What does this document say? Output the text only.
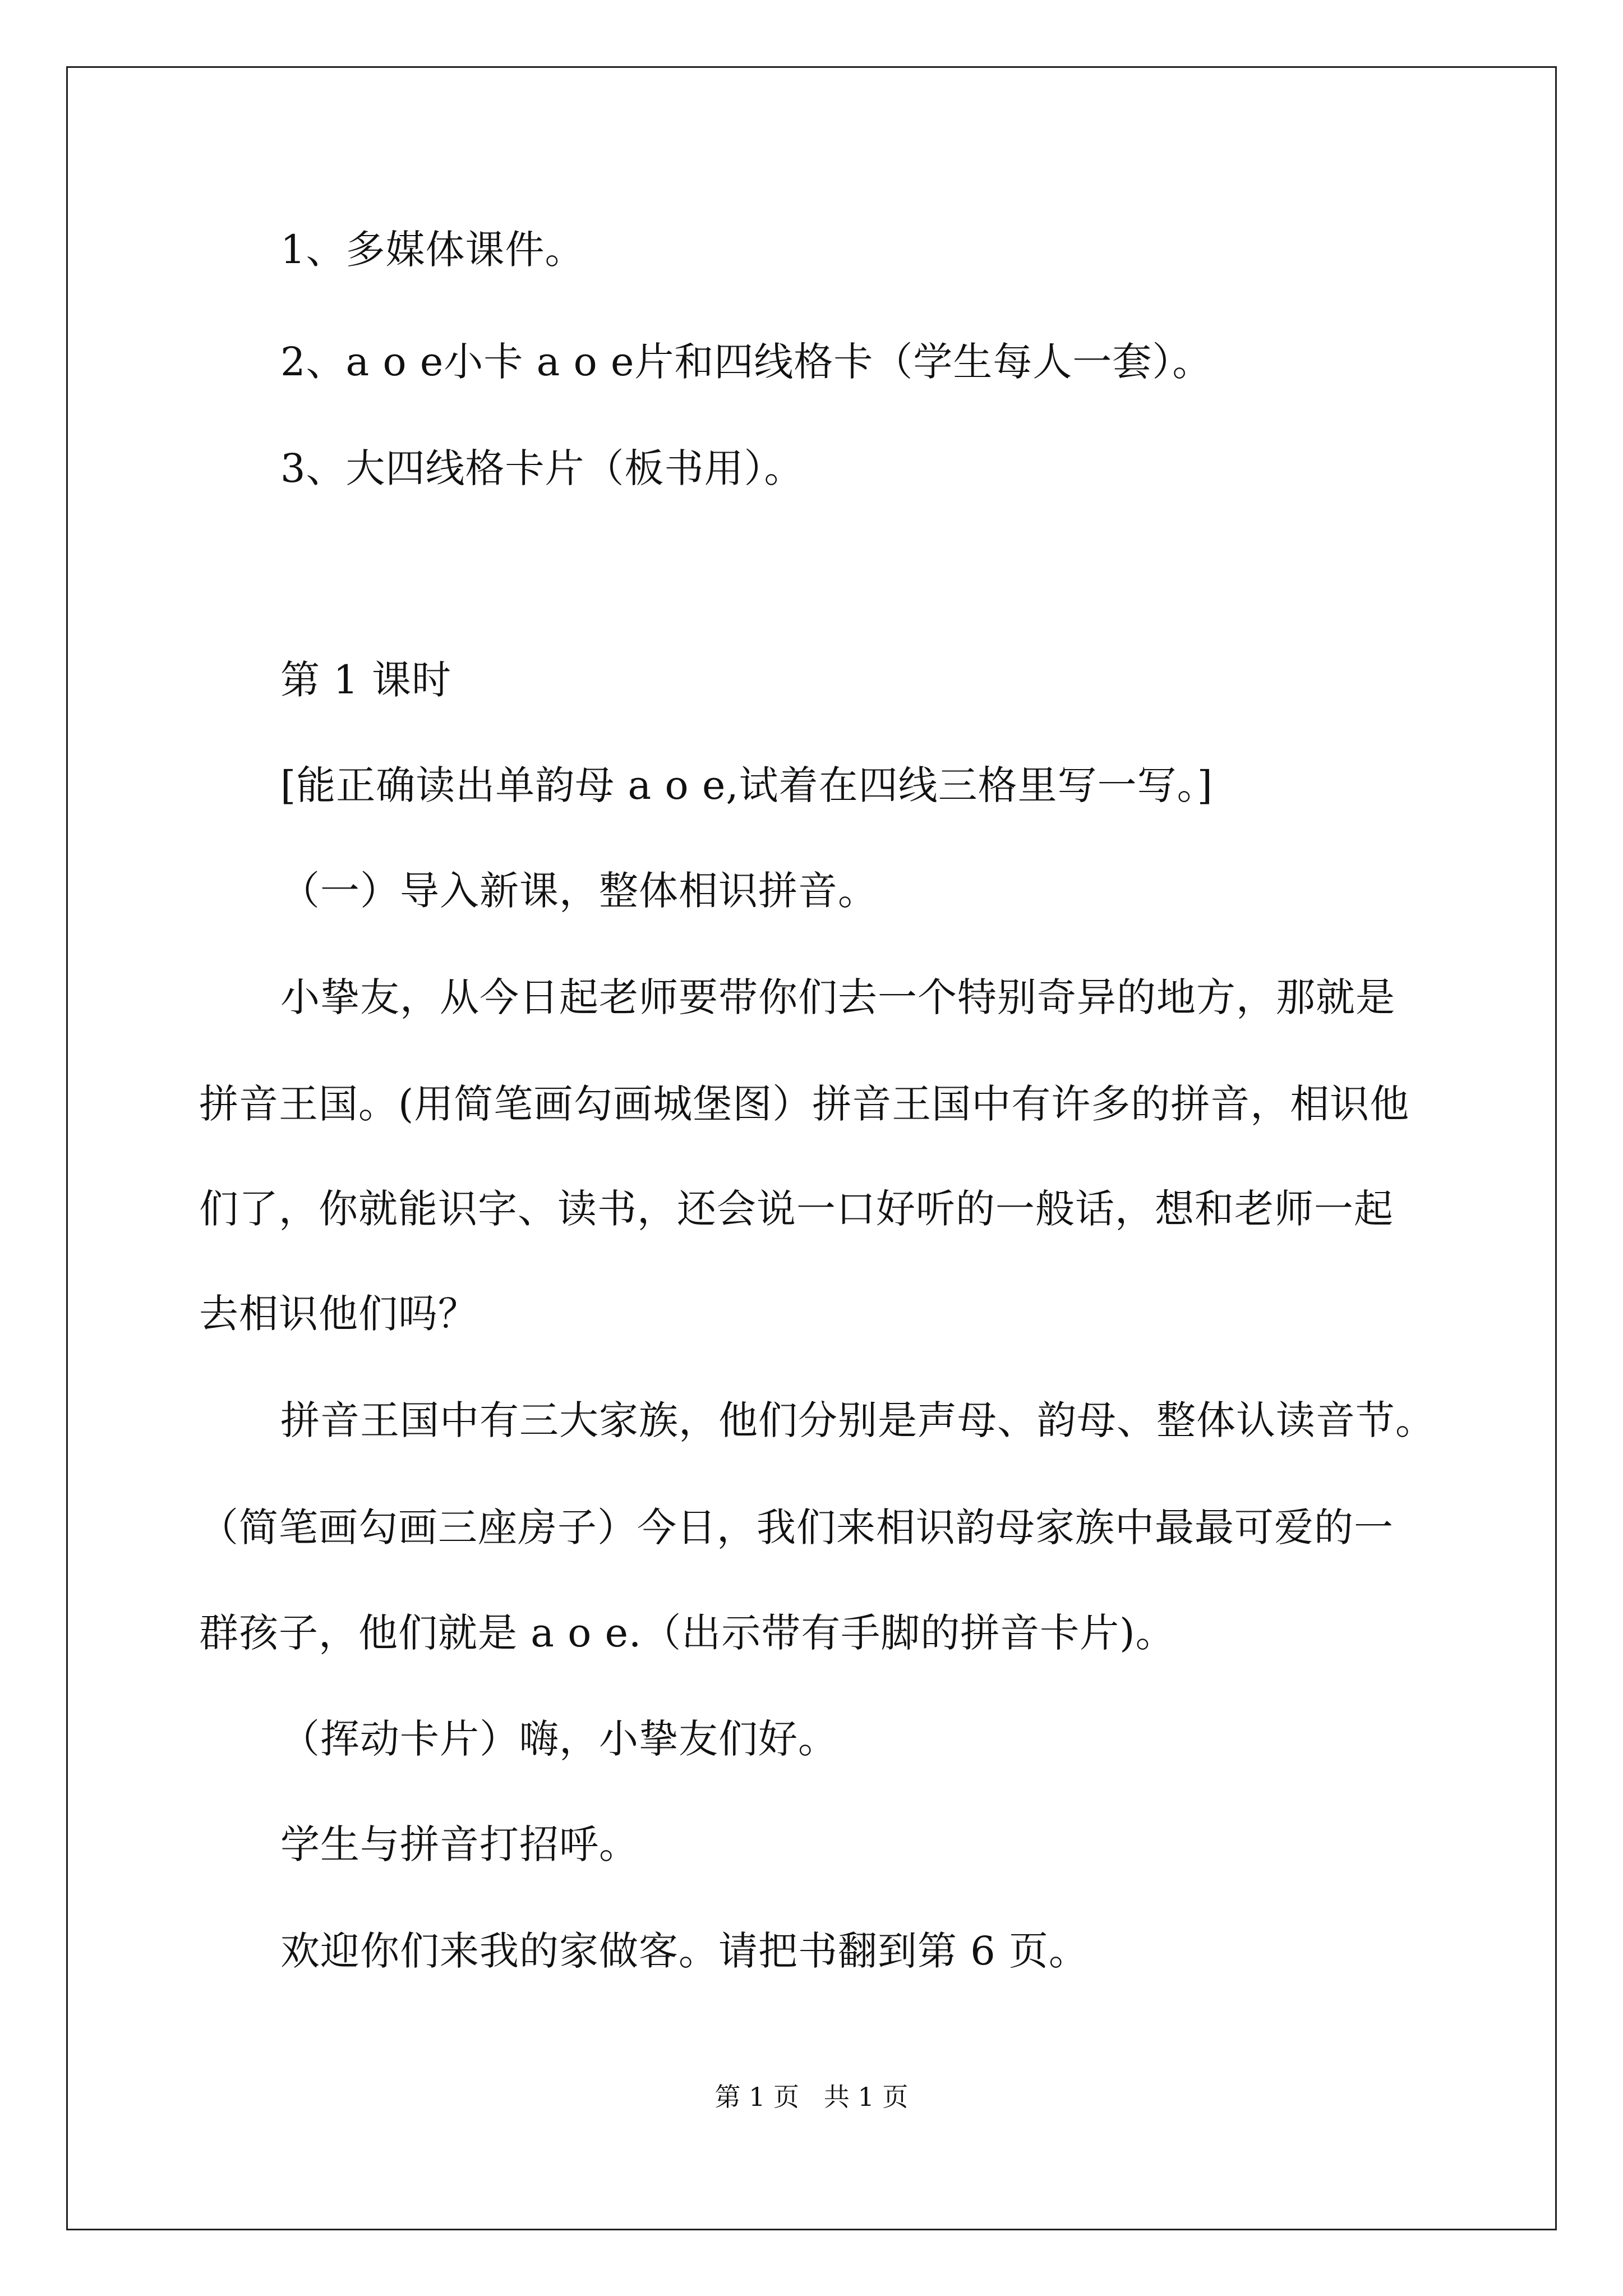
1、多媒体课件。
2、a o e小卡 a o e片和四线格卡（学生每人一套）。
3、大四线格卡片（板书用）。
第 1 课时
[能正确读出单韵母 a o e,试着在四线三格里写一写。]
（一）导入新课，整体相识拼音。
小挚友，从今日起老师要带你们去一个特别奇异的地方，那就是
拼音王国。(用简笔画勾画城堡图）拼音王国中有许多的拼音，相识他
们了，你就能识字、读书，还会说一口好听的一般话，想和老师一起
去相识他们吗？
拼音王国中有三大家族，他们分别是声母、韵母、整体认读音节。
（简笔画勾画三座房子）今日，我们来相识韵母家族中最最可爱的一
群孩子，他们就是 a o e.（出示带有手脚的拼音卡片)。
（挥动卡片）嗨，小挚友们好。
学生与拼音打招呼。
欢迎你们来我的家做客。请把书翻到第 6 页。
第 1 页   共 1 页
